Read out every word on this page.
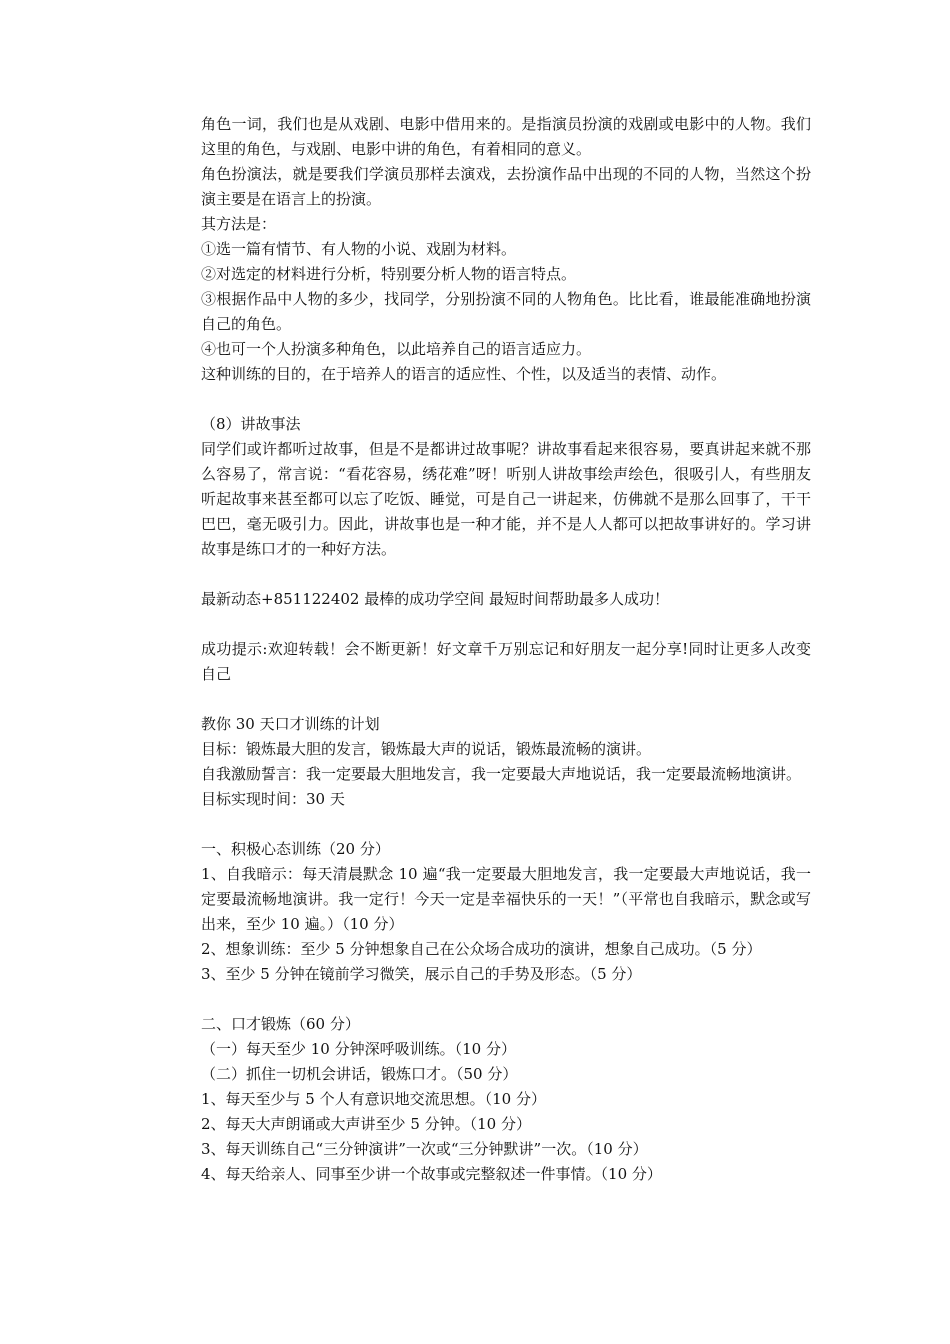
角色一词，我们也是从戏剧、电影中借用来的。是指演员扮演的戏剧或电影中的人物。我们这里的角色，与戏剧、电影中讲的角色，有着相同的意义。
角色扮演法，就是要我们学演员那样去演戏，去扮演作品中出现的不同的人物，当然这个扮演主要是在语言上的扮演。
其方法是：
①选一篇有情节、有人物的小说、戏剧为材料。
②对选定的材料进行分析，特别要分析人物的语言特点。
③根据作品中人物的多少，找同学，分别扮演不同的人物角色。比比看，谁最能准确地扮演自己的角色。
④也可一个人扮演多种角色，以此培养自己的语言适应力。
这种训练的目的，在于培养人的语言的适应性、个性，以及适当的表情、动作。
（8）讲故事法
同学们或许都听过故事，但是不是都讲过故事呢？讲故事看起来很容易，要真讲起来就不那么容易了，常言说：“看花容易，绣花难”呀！听别人讲故事绘声绘色，很吸引人，有些朋友听起故事来甚至都可以忘了吃饭、睡觉，可是自己一讲起来，仿佛就不是那么回事了，干干巴巴，毫无吸引力。因此，讲故事也是一种才能，并不是人人都可以把故事讲好的。学习讲故事是练口才的一种好方法。
最新动态+851122402 最棒的成功学空间 最短时间帮助最多人成功！
成功提示:欢迎转载！会不断更新！好文章千万别忘记和好朋友一起分享!同时让更多人改变自己
教你 30 天口才训练的计划
目标：锻炼最大胆的发言，锻炼最大声的说话，锻炼最流畅的演讲。
自我激励誓言：我一定要最大胆地发言，我一定要最大声地说话，我一定要最流畅地演讲。
目标实现时间：30 天
一、积极心态训练（20 分）
1、自我暗示：每天清晨默念 10 遍“我一定要最大胆地发言，我一定要最大声地说话，我一定要最流畅地演讲。我一定行！今天一定是幸福快乐的一天！”（平常也自我暗示，默念或写出来，至少 10 遍。）（10 分）
2、想象训练：至少 5 分钟想象自己在公众场合成功的演讲，想象自己成功。（5 分）
3、至少 5 分钟在镜前学习微笑，展示自己的手势及形态。（5 分）
二、口才锻炼（60 分）
（一）每天至少 10 分钟深呼吸训练。（10 分）
（二）抓住一切机会讲话，锻炼口才。（50 分）
1、每天至少与 5 个人有意识地交流思想。（10 分）
2、每天大声朗诵或大声讲至少 5 分钟。（10 分）
3、每天训练自己“三分钟演讲”一次或“三分钟默讲”一次。（10 分）
4、每天给亲人、同事至少讲一个故事或完整叙述一件事情。（10 分）
